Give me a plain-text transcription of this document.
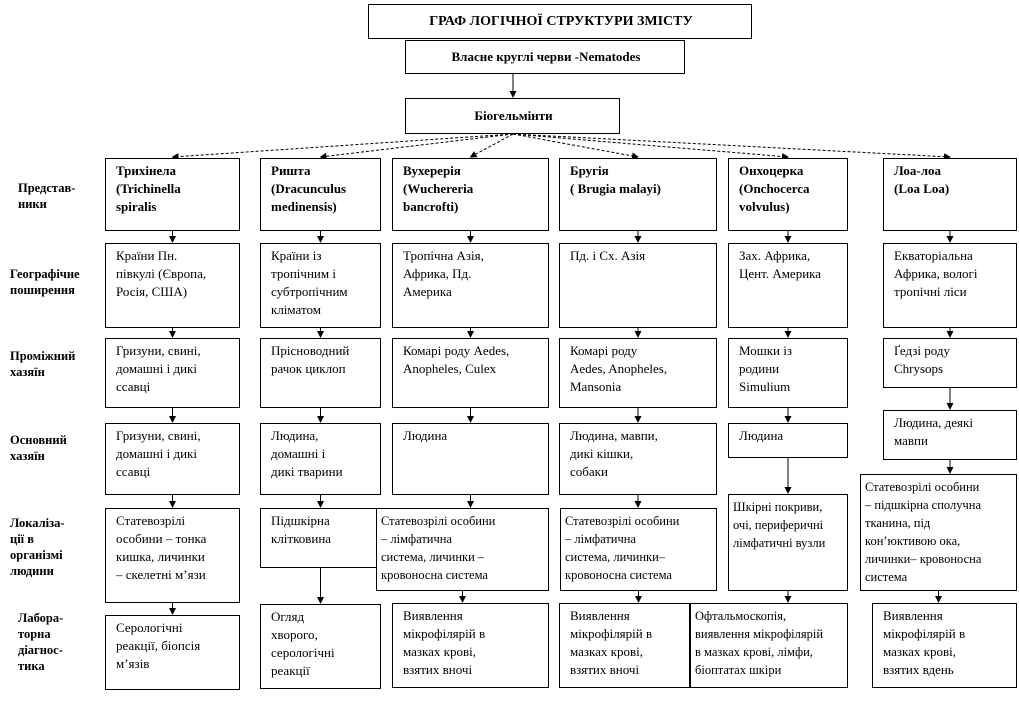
ГРАФ ЛОГІЧНОЇ СТРУКТУРИ ЗМІСТУ
Власне круглі черви -Nematodes
Біогельмінти
Трихінела
(Trichinella
spiralis
Ришта
(Dracunculus
medinensis)
Вухерерія
(Wuchereria
bancrofti)
Бругія
( Brugia malayi)
Онхоцерка
(Onchocerca
volvulus)
Лоа-лоа
(Loa Loa)
Країни Пн.
півкулі (Європа,
Росія, США)
Країни із
тропічним і
субтропічним
кліматом
Тропічна Азія,
Африка, Пд.
Америка
Пд. і Сх. Азія	Зах. Африка,
Цент. Америка
Екваторіальна
Африка, вологі
тропічні ліси
Гризуни, свині,
домашні і дикі
ссавці
Прісноводний
рачок циклоп
Комарі роду Aedes,
Anopheles, Culex
Комарі роду
Aedes, Anopheles,
Mansonia
Мошки із
родини
Simulium
Ґедзі роду
Chrysops
Гризуни, свині,
домашні і дикі
ссавці
Людина,
домашні і
дикі тварини
Людина	Людина, мавпи,
дикі кішки,
собаки
Людина
Людина, деякі
мавпи
Статевозрілі
особини – тонка
кишка, личинки
– скелетні м’язи
Підшкірна
клітковина
Статевозрілі особини
– лімфатична
система, личинки –
кровоносна система
Статевозрілі особини
– лімфатична
система, личинки–
кровоносна система
Шкірні покриви,
очі, периферичні
лімфатичні вузли
Статевозрілі особини
– підшкірна сполучна
тканина, під
кон’юктивою ока,
личинки– кровоносна
система
Серологічні
реакції, біопсія
м’язів
Огляд
хворого,
серологічні
реакції
Виявлення
мікрофілярій в
мазках крові,
взятих вночі
Виявлення
мікрофілярій в
мазках крові,
взятих вночі
Офтальмоскопія,
виявлення мікрофілярій
в мазках крові, лімфи,
біоптатах шкіри
Виявлення
мікрофілярій в
мазках крові,
взятих вдень
Представ-
ники
Географічне
поширення
Проміжний
хазяїн
Основний
хазяїн
Локаліза-
ції в
організмі
людини
Лабора-
торна
діагнос-
тика
